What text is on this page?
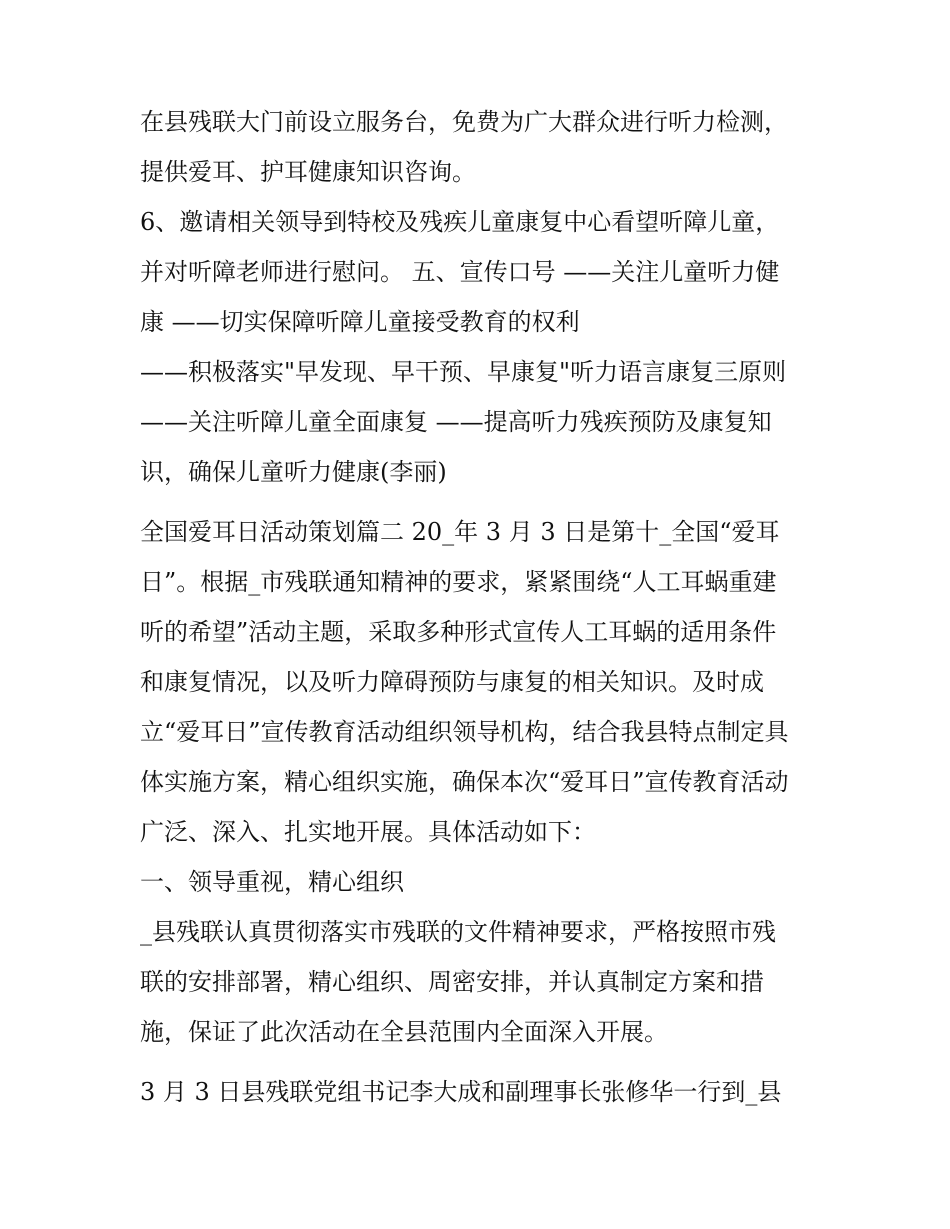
在县残联大门前设立服务台，免费为广大群众进行听力检测，
提供爱耳、护耳健康知识咨询。
6、邀请相关领导到特校及残疾儿童康复中心看望听障儿童，
并对听障老师进行慰问。 五、宣传口号 ——关注儿童听力健
康 ——切实保障听障儿童接受教育的权利
——积极落实"早发现、早干预、早康复"听力语言康复三原则
——关注听障儿童全面康复 ——提高听力残疾预防及康复知
识，确保儿童听力健康(李丽)
全国爱耳日活动策划篇二 20_年 3 月 3 日是第十_全国“爱耳
日”。根据_市残联通知精神的要求，紧紧围绕“人工耳蜗重建
听的希望”活动主题，采取多种形式宣传人工耳蜗的适用条件
和康复情况，以及听力障碍预防与康复的相关知识。及时成
立“爱耳日”宣传教育活动组织领导机构，结合我县特点制定具
体实施方案，精心组织实施，确保本次“爱耳日”宣传教育活动
广泛、深入、扎实地开展。具体活动如下：
一、领导重视，精心组织
_县残联认真贯彻落实市残联的文件精神要求，严格按照市残
联的安排部署，精心组织、周密安排，并认真制定方案和措
施，保证了此次活动在全县范围内全面深入开展。
3 月 3 日县残联党组书记李大成和副理事长张修华一行到_县
